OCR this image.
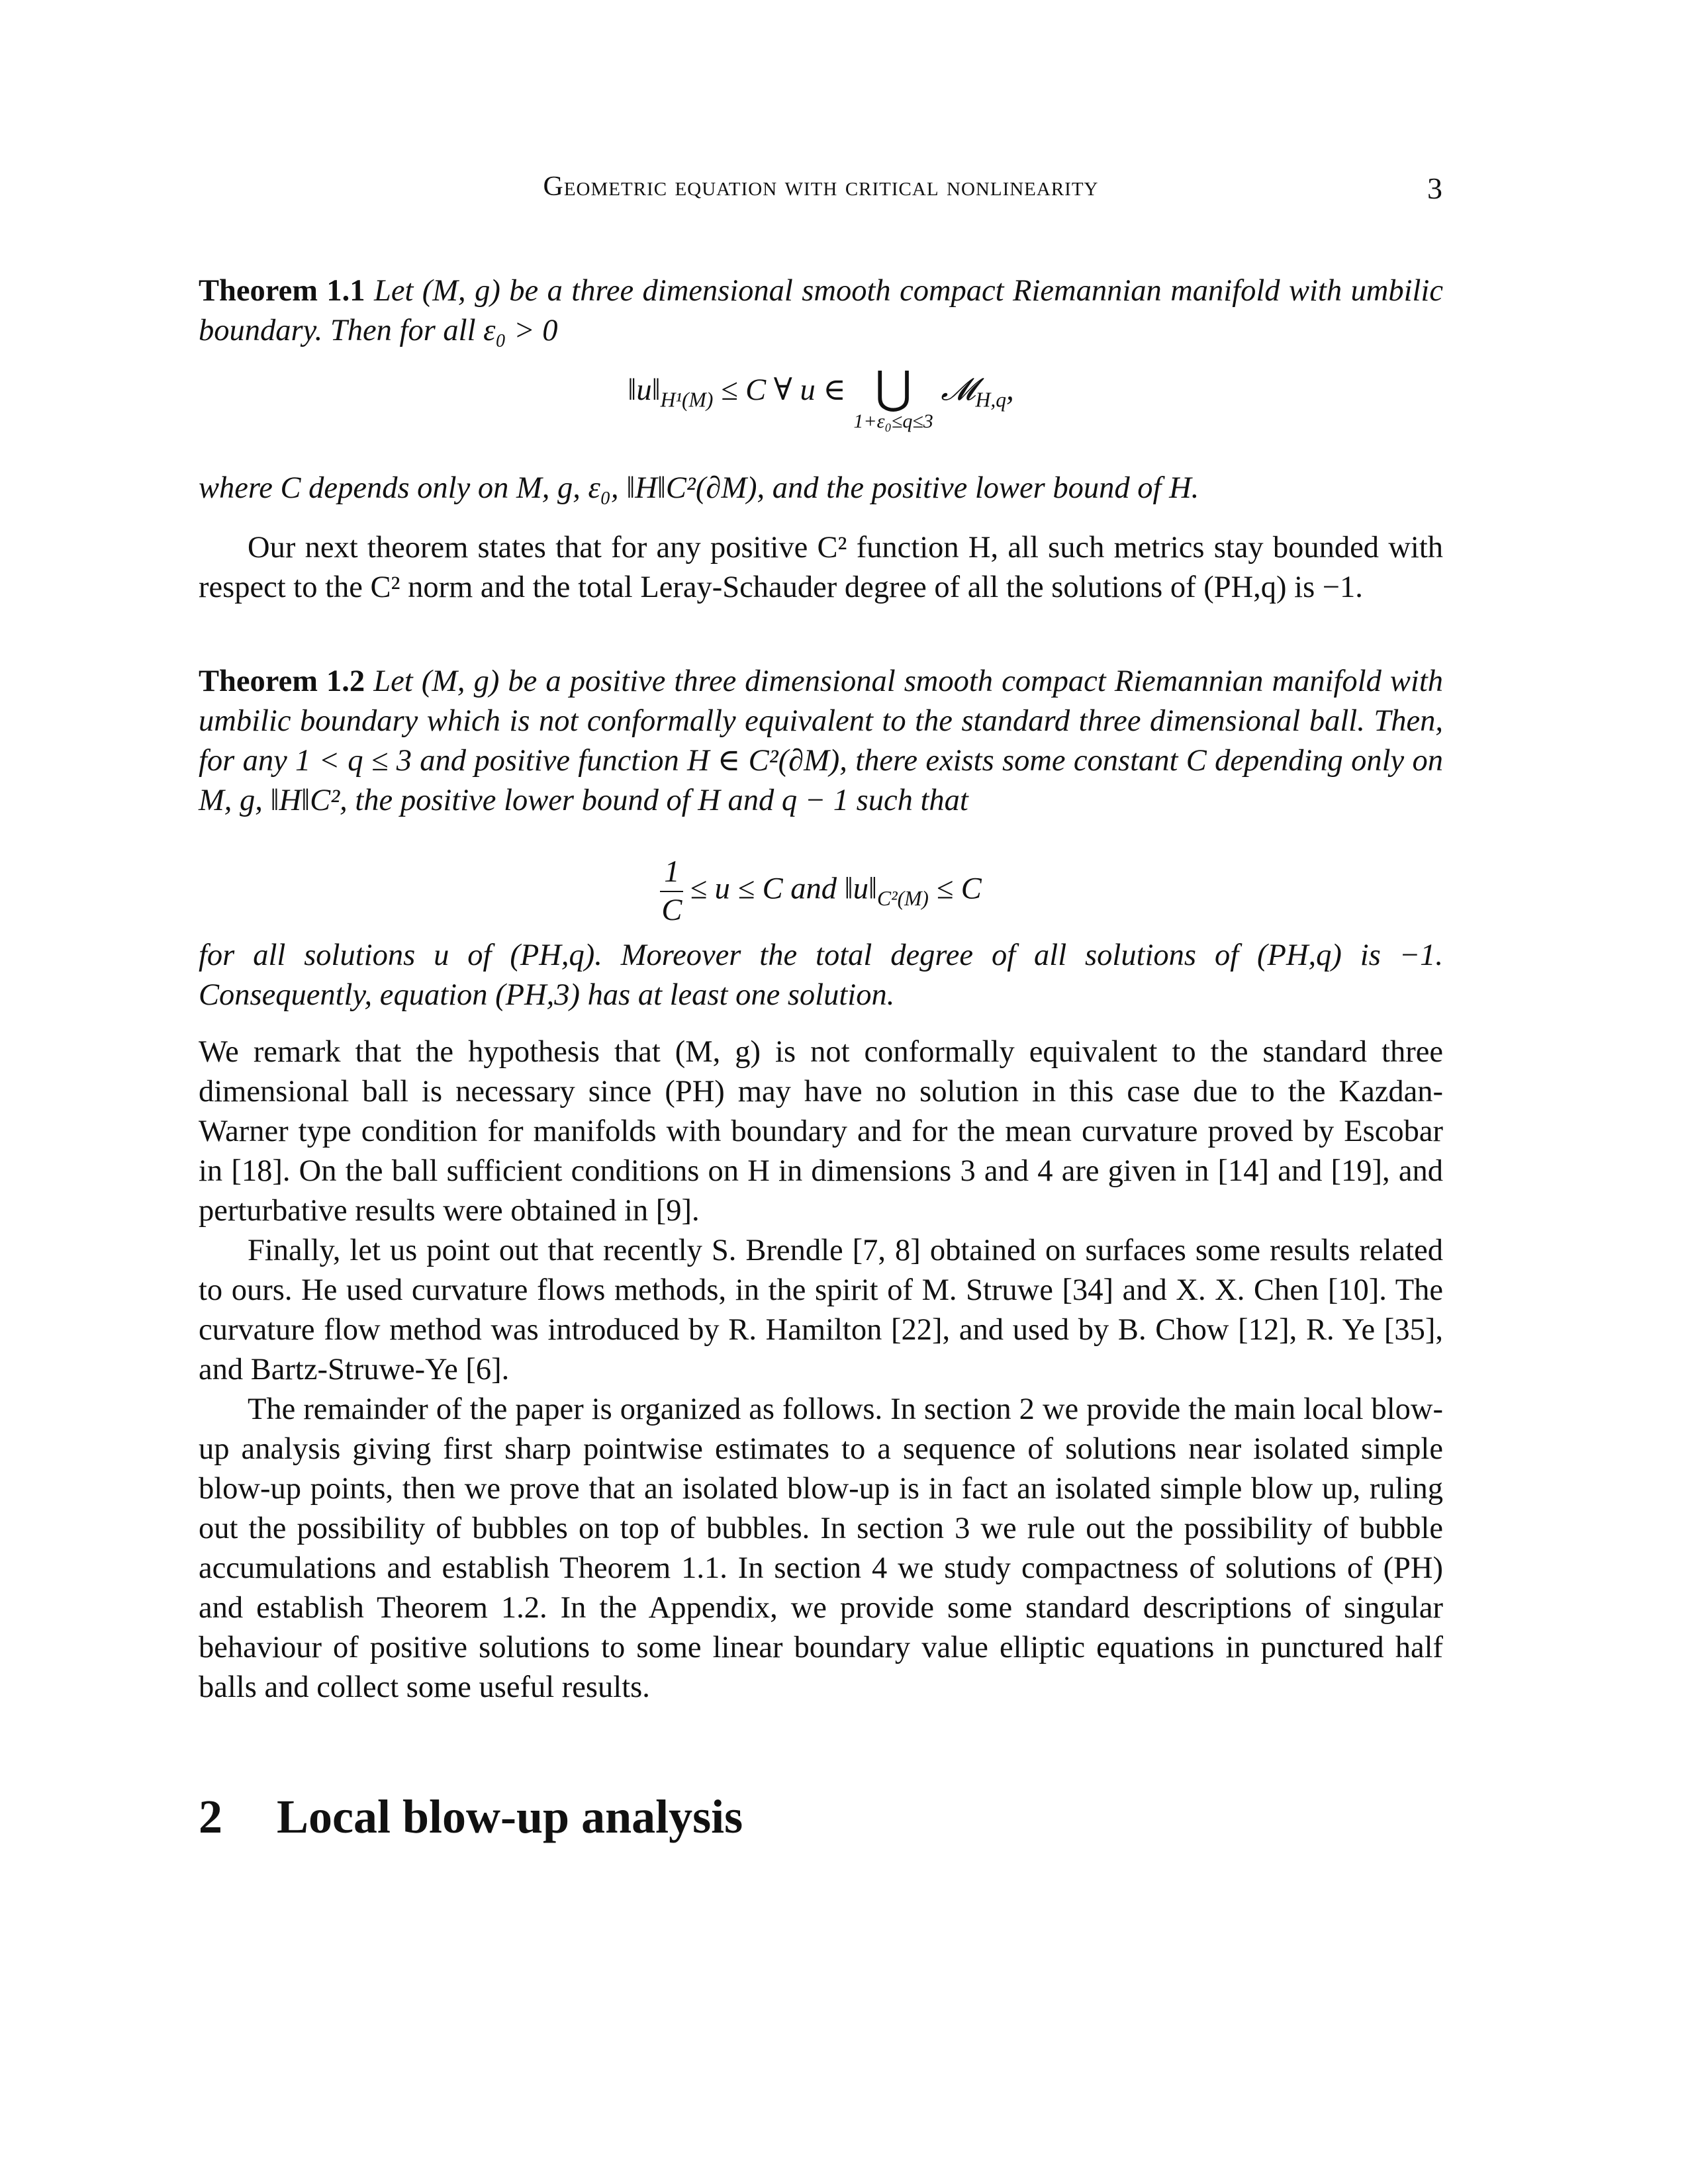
Geometric equation with critical nonlinearity	3
Theorem 1.1 Let (M, g) be a three dimensional smooth compact Riemannian manifold with umbilic boundary. Then for all ε₀ > 0
$‖u‖_{H^1(M)} \le C$ ∀ u ∈ ⋃
1+ε₀≤q≤3
𝓜$_{H,q}$,
where C depends only on M, g, ε₀, ‖H‖C²(∂M), and the positive lower bound of H.
Our next theorem states that for any positive C² function H, all such metrics stay bounded with respect to the C² norm and the total Leray-Schauder degree of all the solutions of (PH,q) is −1.
Theorem 1.2 Let (M, g) be a positive three dimensional smooth compact Riemannian manifold with umbilic boundary which is not conformally equivalent to the standard three dimensional ball. Then, for any 1 < q ≤ 3 and positive function H ∈ C²(∂M), there exists some constant C depending only on M, g, ‖H‖C², the positive lower bound of H and q − 1 such that
$\frac{1}{C} \le u \le C$ and $‖u‖_{C^2(M)} \le C$
for all solutions u of (PH,q). Moreover the total degree of all solutions of (PH,q) is −1. Consequently, equation (PH,3) has at least one solution.
We remark that the hypothesis that (M, g) is not conformally equivalent to the standard three dimensional ball is necessary since (PH) may have no solution in this case due to the Kazdan-Warner type condition for manifolds with boundary and for the mean curvature proved by Escobar in [18]. On the ball sufficient conditions on H in dimensions 3 and 4 are given in [14] and [19], and perturbative results were obtained in [9].
Finally, let us point out that recently S. Brendle [7, 8] obtained on surfaces some results related to ours. He used curvature flows methods, in the spirit of M. Struwe [34] and X. X. Chen [10]. The curvature flow method was introduced by R. Hamilton [22], and used by B. Chow [12], R. Ye [35], and Bartz-Struwe-Ye [6].
The remainder of the paper is organized as follows. In section 2 we provide the main local blow-up analysis giving first sharp pointwise estimates to a sequence of solutions near isolated simple blow-up points, then we prove that an isolated blow-up is in fact an isolated simple blow up, ruling out the possibility of bubbles on top of bubbles. In section 3 we rule out the possibility of bubble accumulations and establish Theorem 1.1. In section 4 we study compactness of solutions of (PH) and establish Theorem 1.2. In the Appendix, we provide some standard descriptions of singular behaviour of positive solutions to some linear boundary value elliptic equations in punctured half balls and collect some useful results.
2 Local blow-up analysis
